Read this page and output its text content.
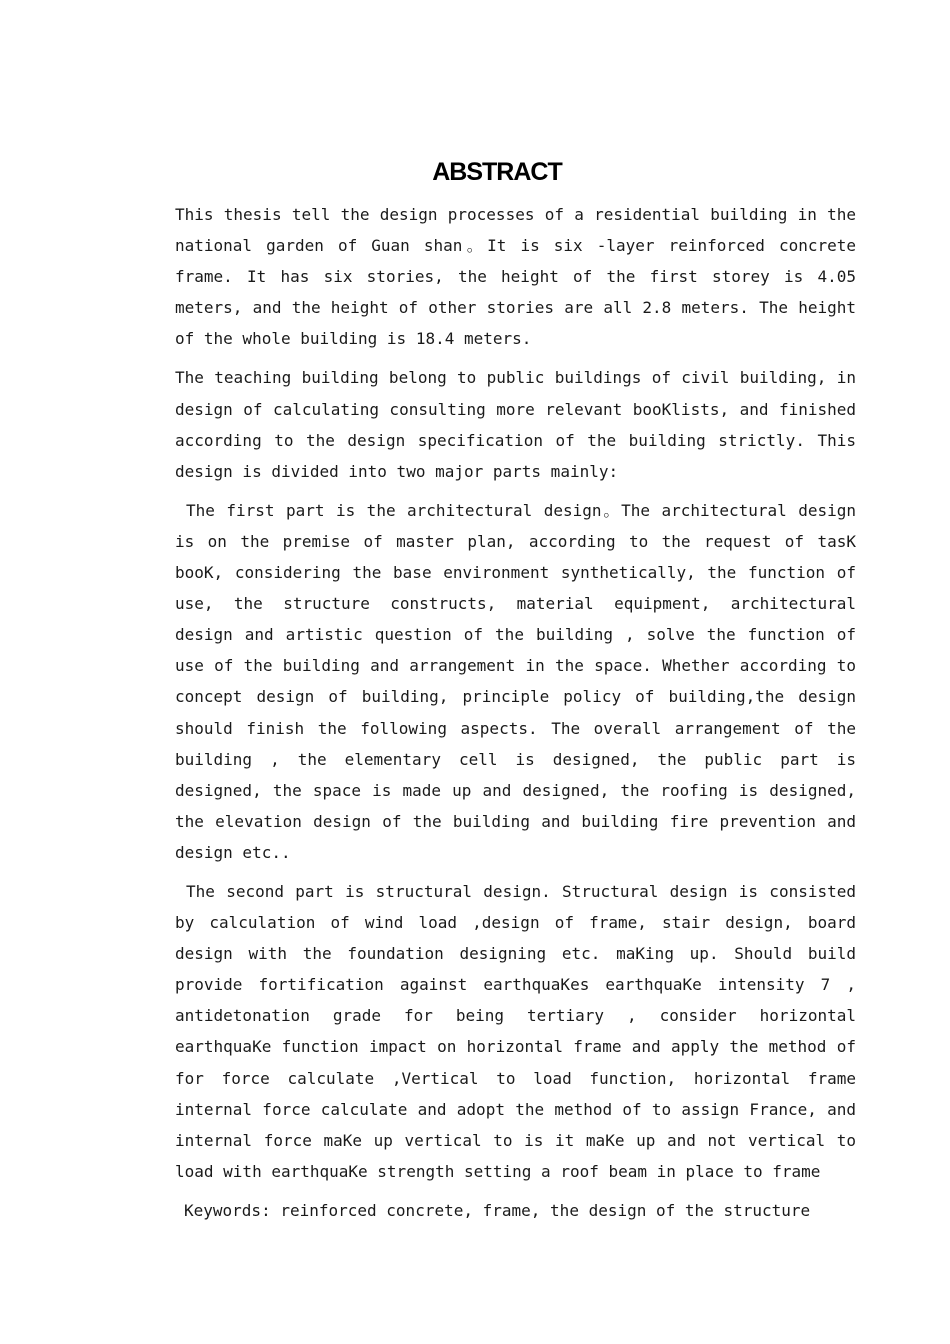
ABSTRACT

This thesis tell the design processes of a residential building in the national garden of Guan shan。It is six -layer reinforced concrete frame. It has six stories, the height of the first storey is 4.05 meters, and the height of other stories are all 2.8 meters. The height of the whole building is 18.4 meters.

The teaching building belong to public buildings of civil building, in design of calculating consulting more relevant booKlists, and finished according to the design specification of the building strictly. This design is divided into two major parts mainly:

The first part is the architectural design。The architectural design is on the premise of master plan, according to the request of tasK booK, considering the base environment synthetically, the function of use, the structure constructs, material equipment, architectural design and artistic question of the building , solve the function of use of the building and arrangement in the space. Whether according to concept design of building, principle policy of building,the design should finish the following aspects. The overall arrangement of the building , the elementary cell is designed, the public part is designed, the space is made up and designed, the roofing is designed, the elevation design of the building and building fire prevention and design etc..

The second part is structural design. Structural design is consisted by calculation of wind load ,design of frame, stair design, board design with the foundation designing etc. maKing up. Should build provide fortification against earthquaKes earthquaKe intensity 7 , antidetonation grade for being tertiary , consider horizontal earthquaKe function impact on horizontal frame and apply the method of for force calculate ,Vertical to load function, horizontal frame internal force calculate and adopt the method of to assign France, and internal force maKe up vertical to is it maKe up and not vertical to load with earthquaKe strength setting a roof beam in place to frame

Keywords: reinforced concrete, frame, the design of the structure
